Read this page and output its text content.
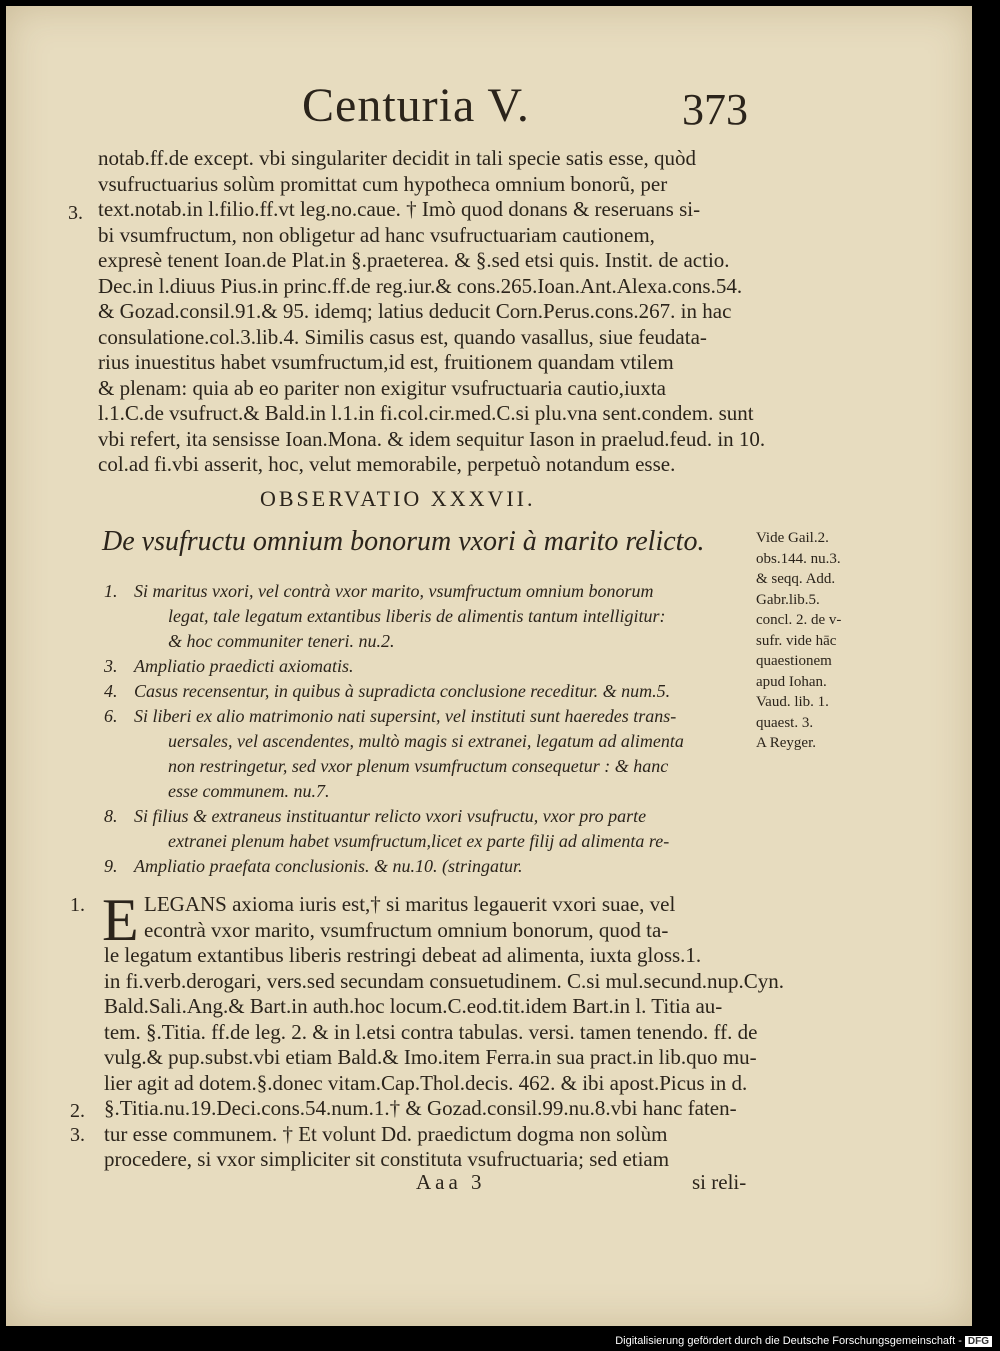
Centuria V.	373
3.
notab.ff.de except. vbi singulariter decidit in tali specie satis esse, quòd
vsufructuarius solùm promittat cum hypotheca omnium bonorũ, per
text.notab.in l.filio.ff.vt leg.no.caue. † Imò quod donans & reseruans si-
bi vsumfructum, non obligetur ad hanc vsufructuariam cautionem,
expresè tenent Ioan.de Plat.in §.praeterea. & §.sed etsi quis. Instit. de actio.
Dec.in l.diuus Pius.in princ.ff.de reg.iur.& cons.265.Ioan.Ant.Alexa.cons.54.
& Gozad.consil.91.& 95. idemq; latius deducit Corn.Perus.cons.267. in hac
consulatione.col.3.lib.4. Similis casus est, quando vasallus, siue feudata-
rius inuestitus habet vsumfructum,id est, fruitionem quandam vtilem
& plenam: quia ab eo pariter non exigitur vsufructuaria cautio,iuxta
l.1.C.de vsufruct.& Bald.in l.1.in fi.col.cir.med.C.si plu.vna sent.condem. sunt
vbi refert, ita sensisse Ioan.Mona. & idem sequitur Iason in praelud.feud. in 10.
col.ad fi.vbi asserit, hoc, velut memorabile, perpetuò notandum esse.
OBSERVATIO XXXVII.
De vsufructu omnium bonorum vxori à marito relicto.
1. Si maritus vxori, vel contrà vxor marito, vsumfructum omnium bonorum
legat, tale legatum extantibus liberis de alimentis tantum intelligitur:
& hoc communiter teneri. nu.2.
3. Ampliatio praedicti axiomatis.
4. Casus recensentur, in quibus à supradicta conclusione receditur. & num.5.
6. Si liberi ex alio matrimonio nati supersint, vel instituti sunt haeredes trans-
uersales, vel ascendentes, multò magis si extranei, legatum ad alimenta
non restringetur, sed vxor plenum vsumfructum consequetur : & hanc
esse communem. nu.7.
8. Si filius & extraneus instituantur relicto vxori vsufructu, vxor pro parte
extranei plenum habet vsumfructum,licet ex parte filij ad alimenta re-
9. Ampliatio praefata conclusionis. & nu.10. (stringatur.
Vide Gail.2.
obs.144. nu.3.
& seqq. Add.
Gabr.lib.5.
concl. 2. de v-
sufr. vide hāc
quaestionem
apud Iohan.
Vaud. lib. 1.
quaest. 3.
A Reyger.
E LEGANS axioma iuris est,† si maritus legauerit vxori suae, vel
econtrà vxor marito, vsumfructum omnium bonorum, quod ta-
le legatum extantibus liberis restringi debeat ad alimenta, iuxta gloss.1.
in fi.verb.derogari, vers.sed secundam consuetudinem. C.si mul.secund.nup.Cyn.
Bald.Sali.Ang.& Bart.in auth.hoc locum.C.eod.tit.idem Bart.in l. Titia au-
tem. §.Titia. ff.de leg. 2. & in l.etsi contra tabulas. versi. tamen tenendo. ff. de
vulg.& pup.subst.vbi etiam Bald.& Imo.item Ferra.in sua pract.in lib.quo mu-
lier agit ad dotem.§.donec vitam.Cap.Thol.decis. 462. & ibi apost.Picus in d.
§.Titia.nu.19.Deci.cons.54.num.1.† & Gozad.consil.99.nu.8.vbi hanc faten-
tur esse communem. † Et volunt Dd. praedictum dogma non solùm
procedere, si vxor simpliciter sit constituta vsufructuaria; sed etiam
1.
2.
3.
Aaa 3	si reli-
Digitalisierung gefördert durch die Deutsche Forschungsgemeinschaft - DFG
